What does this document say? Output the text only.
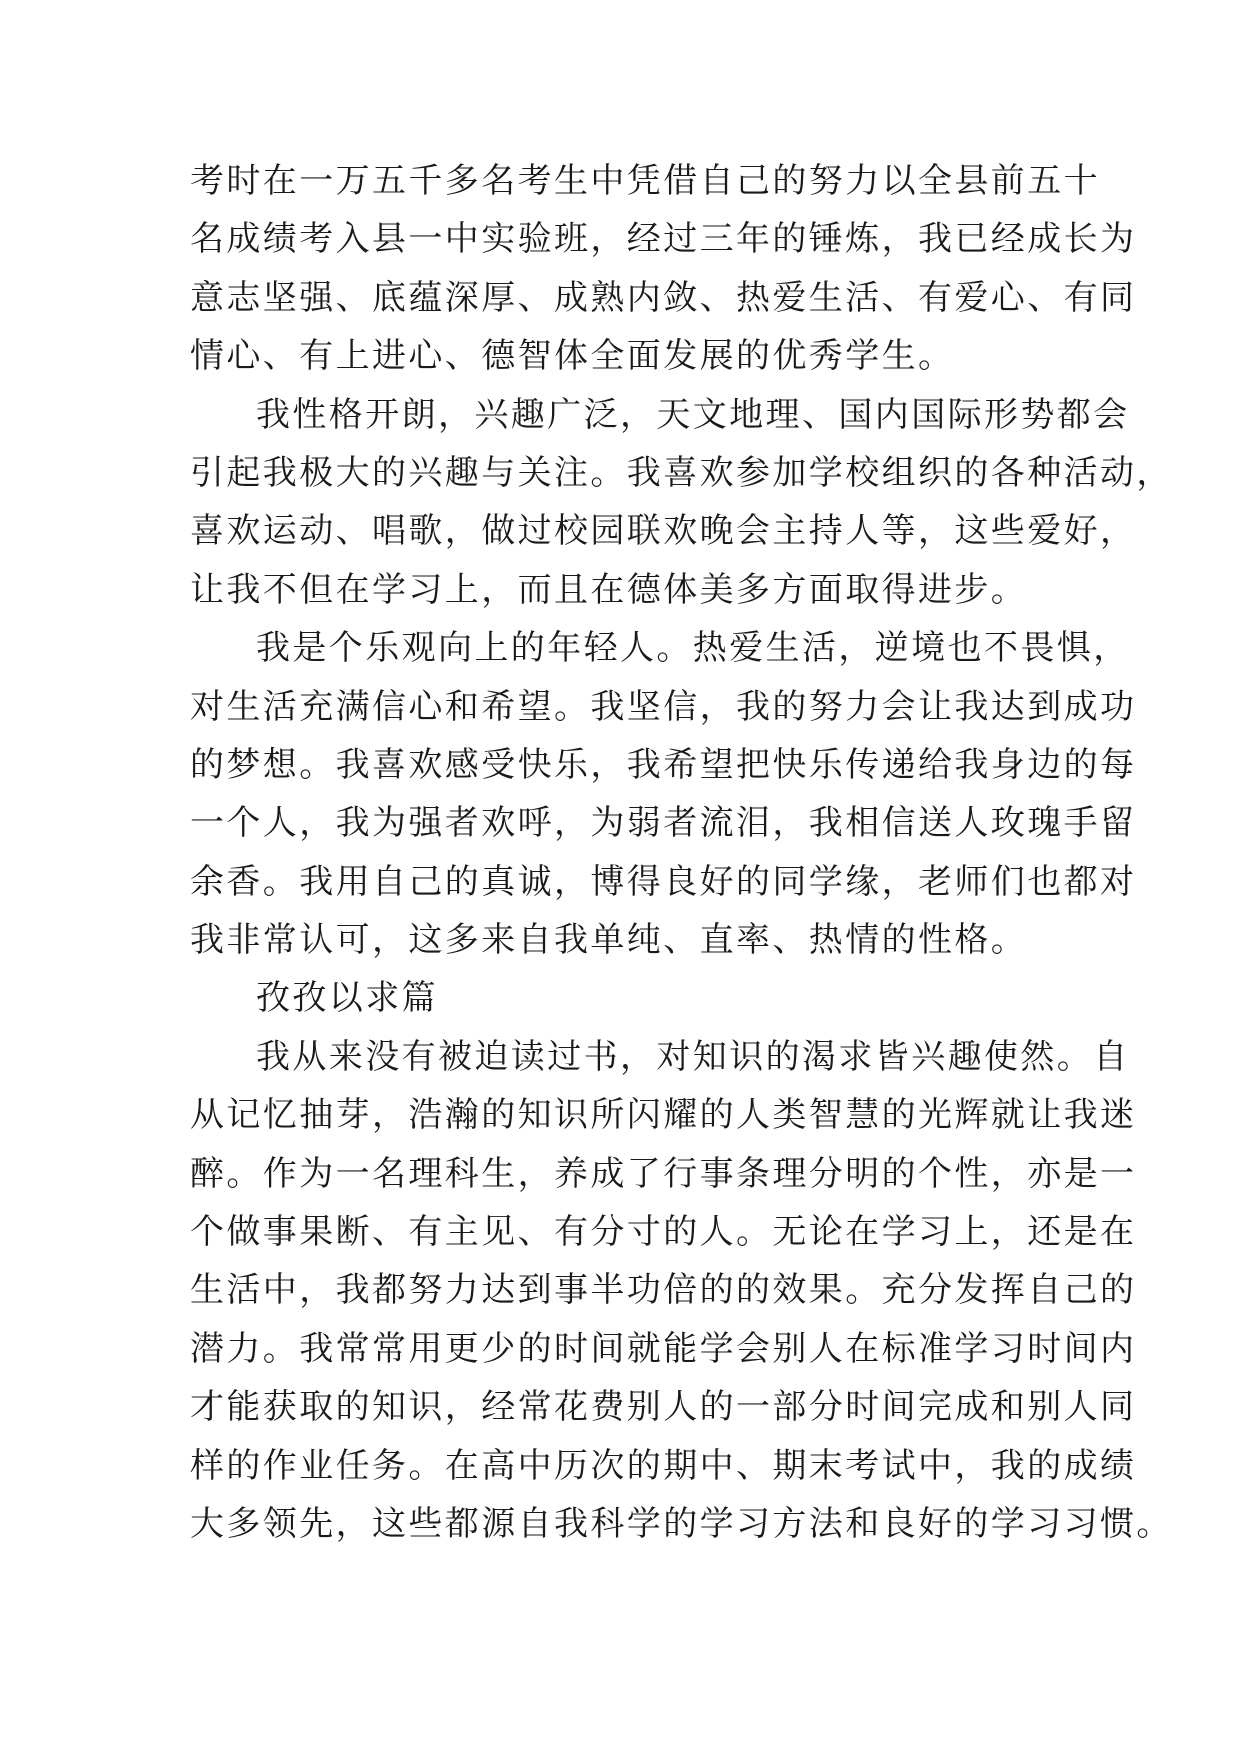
考时在一万五千多名考生中凭借自己的努力以全县前五十
名成绩考入县一中实验班，经过三年的锤炼，我已经成长为
意志坚强、底蕴深厚、成熟内敛、热爱生活、有爱心、有同
情心、有上进心、德智体全面发展的优秀学生。
我性格开朗，兴趣广泛，天文地理、国内国际形势都会
引起我极大的兴趣与关注。我喜欢参加学校组织的各种活动，
喜欢运动、唱歌，做过校园联欢晚会主持人等，这些爱好，
让我不但在学习上，而且在德体美多方面取得进步。
我是个乐观向上的年轻人。热爱生活，逆境也不畏惧，
对生活充满信心和希望。我坚信，我的努力会让我达到成功
的梦想。我喜欢感受快乐，我希望把快乐传递给我身边的每
一个人，我为强者欢呼，为弱者流泪，我相信送人玫瑰手留
余香。我用自己的真诚，博得良好的同学缘，老师们也都对
我非常认可，这多来自我单纯、直率、热情的性格。
孜孜以求篇
我从来没有被迫读过书，对知识的渴求皆兴趣使然。自
从记忆抽芽，浩瀚的知识所闪耀的人类智慧的光辉就让我迷
醉。作为一名理科生，养成了行事条理分明的个性，亦是一
个做事果断、有主见、有分寸的人。无论在学习上，还是在
生活中，我都努力达到事半功倍的的效果。充分发挥自己的
潜力。我常常用更少的时间就能学会别人在标准学习时间内
才能获取的知识，经常花费别人的一部分时间完成和别人同
样的作业任务。在高中历次的期中、期末考试中，我的成绩
大多领先，这些都源自我科学的学习方法和良好的学习习惯。
